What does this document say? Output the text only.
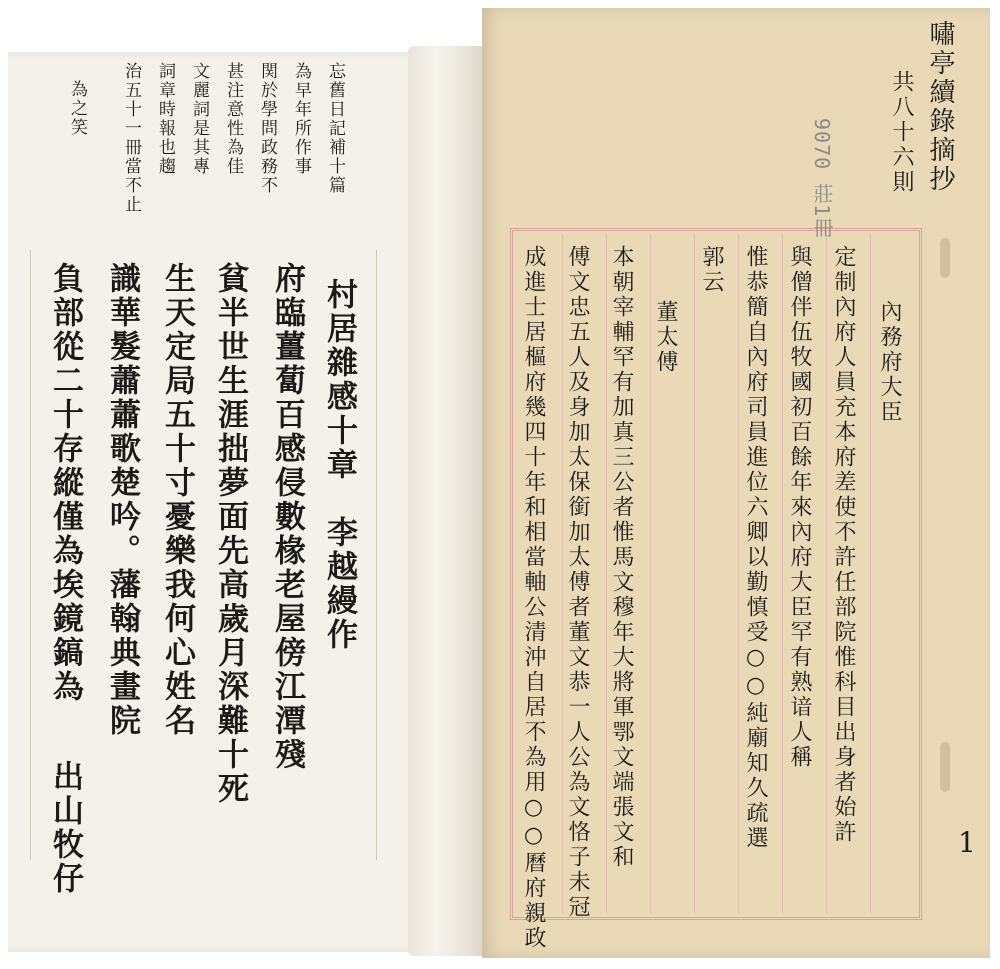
忘舊日記補十篇
為早年所作事
関於學問政務不
甚注意性為佳
文麗詞是其專
詞章時報也趨
治五十一冊當不止
為之笑
村居雜感十章　李越縵作
府臨薑蔔百感侵數椽老屋傍江潭殘
貧半世生涯拙夢面先高歲月深難十死
生天定局五十寸憂樂我何心姓名
識華髮蕭蕭歌楚吟。藩翰典畫院
負部從二十存縱僅為埃鏡鎬為
出山牧仔
嘯亭續錄摘抄
共八十六則
9070 莊1冊
內務府大臣
定制內府人員充本府差使不許任部院惟科目出身者始許
與僧伴伍牧國初百餘年來內府大臣罕有熟谙人稱
惟恭簡自內府司員進位六卿以勤慎受○○純廟知久疏選
郭云
董太傅
本朝宰輔罕有加真三公者惟馬文穆年大將軍鄂文端張文和
傅文忠五人及身加太保銜加太傅者董文恭一人公為文恪子未冠
成進士居樞府幾四十年和相當軸公清沖自居不為用○○曆府親政	1
